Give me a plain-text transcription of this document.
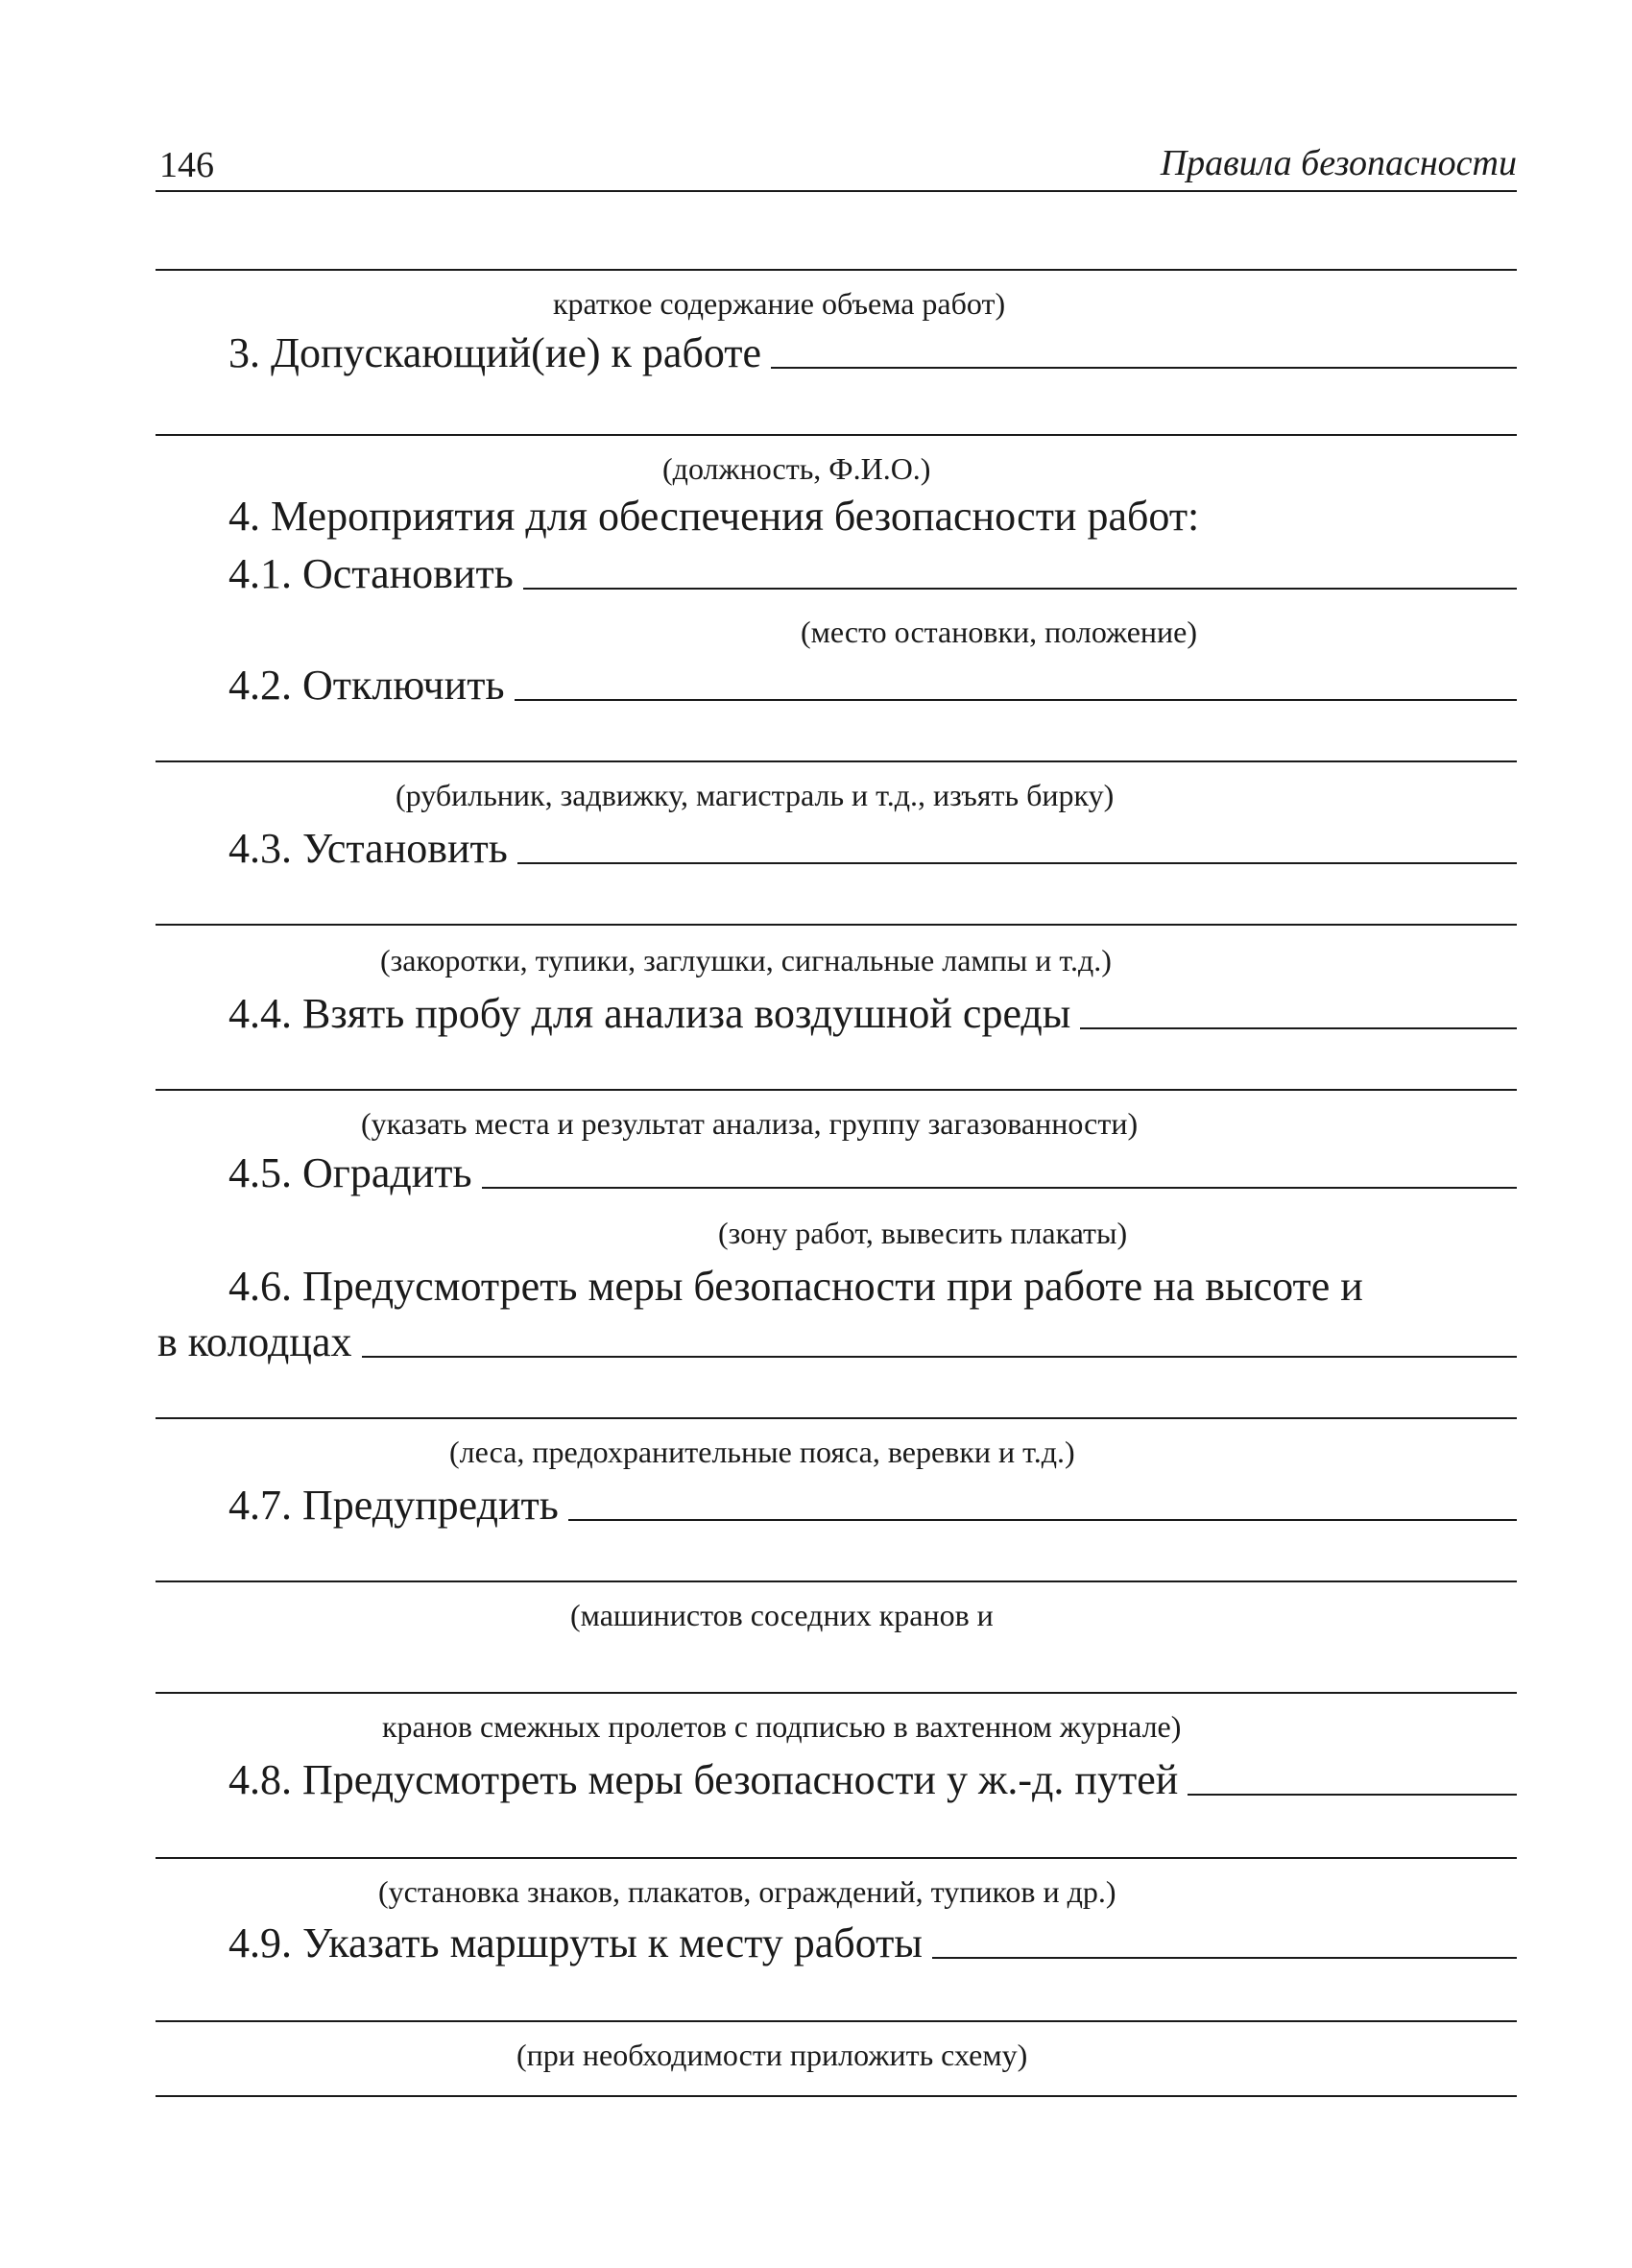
146	Правила безопасности
краткое содержание объема работ)
3. Допускающий(ие) к работе
(должность, Ф.И.О.)
4. Мероприятия для обеспечения безопасности работ:
4.1. Остановить
(место остановки, положение)
4.2. Отключить
(рубильник, задвижку, магистраль и т.д., изъять бирку)
4.3. Установить
(закоротки, тупики, заглушки, сигнальные лампы и т.д.)
4.4. Взять пробу для анализа воздушной среды
(указать места и результат анализа, группу загазованности)
4.5. Оградить
(зону работ, вывесить плакаты)
4.6. Предусмотреть меры безопасности при работе на высоте и
в колодцах
(леса, предохранительные пояса, веревки и т.д.)
4.7. Предупредить
(машинистов соседних кранов и
кранов смежных пролетов с подписью в вахтенном журнале)
4.8. Предусмотреть меры безопасности у ж.-д. путей
(установка знаков, плакатов, ограждений, тупиков и др.)
4.9. Указать маршруты к месту работы
(при необходимости приложить схему)
